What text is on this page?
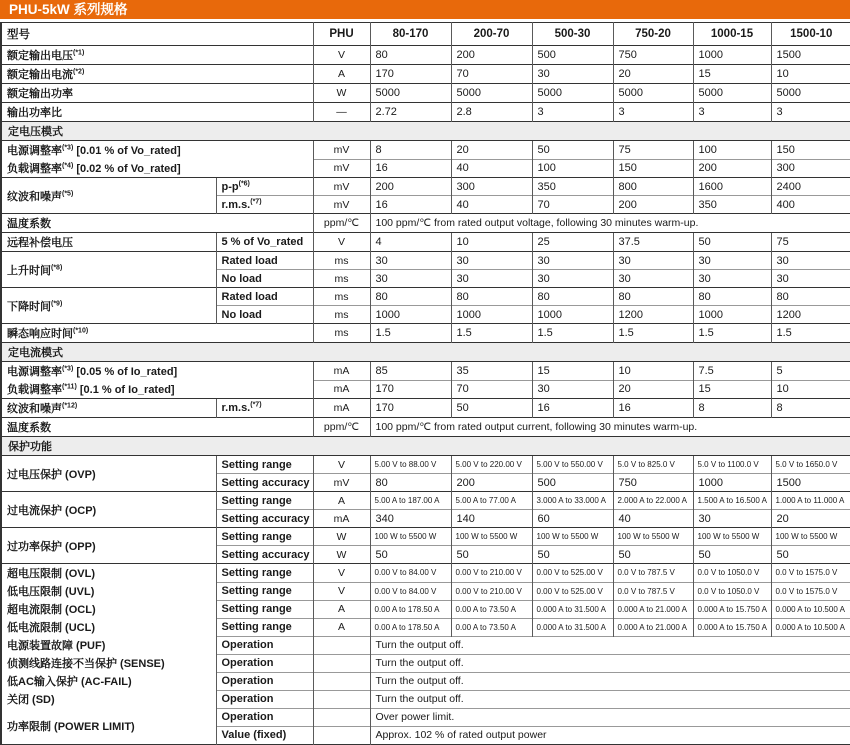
PHU-5kW 系列规格
型号		PHU	80-170	200-70	500-30	750-20	1000-15	1500-10
额定输出电压$^{(*1)}$		V	80	200	500	750	1000	1500
额定输出电流$^{(*2)}$		A	170	70	30	20	15	10
额定输出功率		W	5000	5000	5000	5000	5000	5000
输出功率比		—	2.72	2.8	3	3	3	3
定电压模式								
电源调整率$^{(*3)}$ [0.01 % of Vo_rated]		mV	8	20	50	75	100	150
负载调整率$^{(*4)}$ [0.02 % of Vo_rated]		mV	16	40	100	150	200	300
纹波和噪声$^{(*5)}$	p-p$^{(*6)}$	mV	200	300	350	800	1600	2400
	r.m.s.$^{(*7)}$	mV	16	40	70	200	350	400
温度系数		ppm/℃	100 ppm/℃ from rated output voltage, following 30 minutes warm-up.					
远程补偿电压	5 % of Vo_rated	V	4	10	25	37.5	50	75
上升时间$^{(*8)}$	Rated load	ms	30	30	30	30	30	30
	No load	ms	30	30	30	30	30	30
下降时间$^{(*9)}$	Rated load	ms	80	80	80	80	80	80
	No load	ms	1000	1000	1000	1200	1000	1200
瞬态响应时间$^{(*10)}$		ms	1.5	1.5	1.5	1.5	1.5	1.5
定电流模式								
电源调整率$^{(*3)}$ [0.05 % of Io_rated]		mA	85	35	15	10	7.5	5
负载调整率$^{(*11)}$ [0.1 % of Io_rated]		mA	170	70	30	20	15	10
纹波和噪声$^{(*12)}$	r.m.s.$^{(*7)}$	mA	170	50	16	16	8	8
温度系数		ppm/℃	100 ppm/℃ from rated output current, following 30 minutes warm-up.					
保护功能								
过电压保护 (OVP)	Setting range	V	5.00 V to 88.00 V	5.00 V to 220.00 V	5.00 V to 550.00 V	5.0 V to 825.0 V	5.0 V to 1100.0 V	5.0 V to 1650.0 V
	Setting accuracy	mV	80	200	500	750	1000	1500
过电流保护 (OCP)	Setting range	A	5.00 A to 187.00 A	5.00 A to 77.00 A	3.000 A to 33.000 A	2.000 A to 22.000 A	1.500 A to 16.500 A	1.000 A to 11.000 A
	Setting accuracy	mA	340	140	60	40	30	20
过功率保护 (OPP)	Setting range	W	100 W to 5500 W	100 W to 5500 W	100 W to 5500 W	100 W to 5500 W	100 W to 5500 W	100 W to 5500 W
	Setting accuracy	W	50	50	50	50	50	50
超电压限制 (OVL)	Setting range	V	0.00 V to 84.00 V	0.00 V to 210.00 V	0.00 V to 525.00 V	0.0 V to 787.5 V	0.0 V to 1050.0 V	0.0 V to 1575.0 V
低电压限制 (UVL)	Setting range	V	0.00 V to 84.00 V	0.00 V to 210.00 V	0.00 V to 525.00 V	0.0 V to 787.5 V	0.0 V to 1050.0 V	0.0 V to 1575.0 V
超电流限制 (OCL)	Setting range	A	0.00 A to 178.50 A	0.00 A to 73.50 A	0.000 A to 31.500 A	0.000 A to 21.000 A	0.000 A to 15.750 A	0.000 A to 10.500 A
低电流限制 (UCL)	Setting range	A	0.00 A to 178.50 A	0.00 A to 73.50 A	0.000 A to 31.500 A	0.000 A to 21.000 A	0.000 A to 15.750 A	0.000 A to 10.500 A
电源装置故障 (PUF)	Operation		Turn the output off.					
侦测线路连接不当保护 (SENSE)	Operation		Turn the output off.					
低AC输入保护 (AC-FAIL)	Operation		Turn the output off.					
关闭 (SD)	Operation		Turn the output off.					
功率限制 (POWER LIMIT)	Operation		Over power limit.					
	Value (fixed)		Approx. 102 % of rated output power					
